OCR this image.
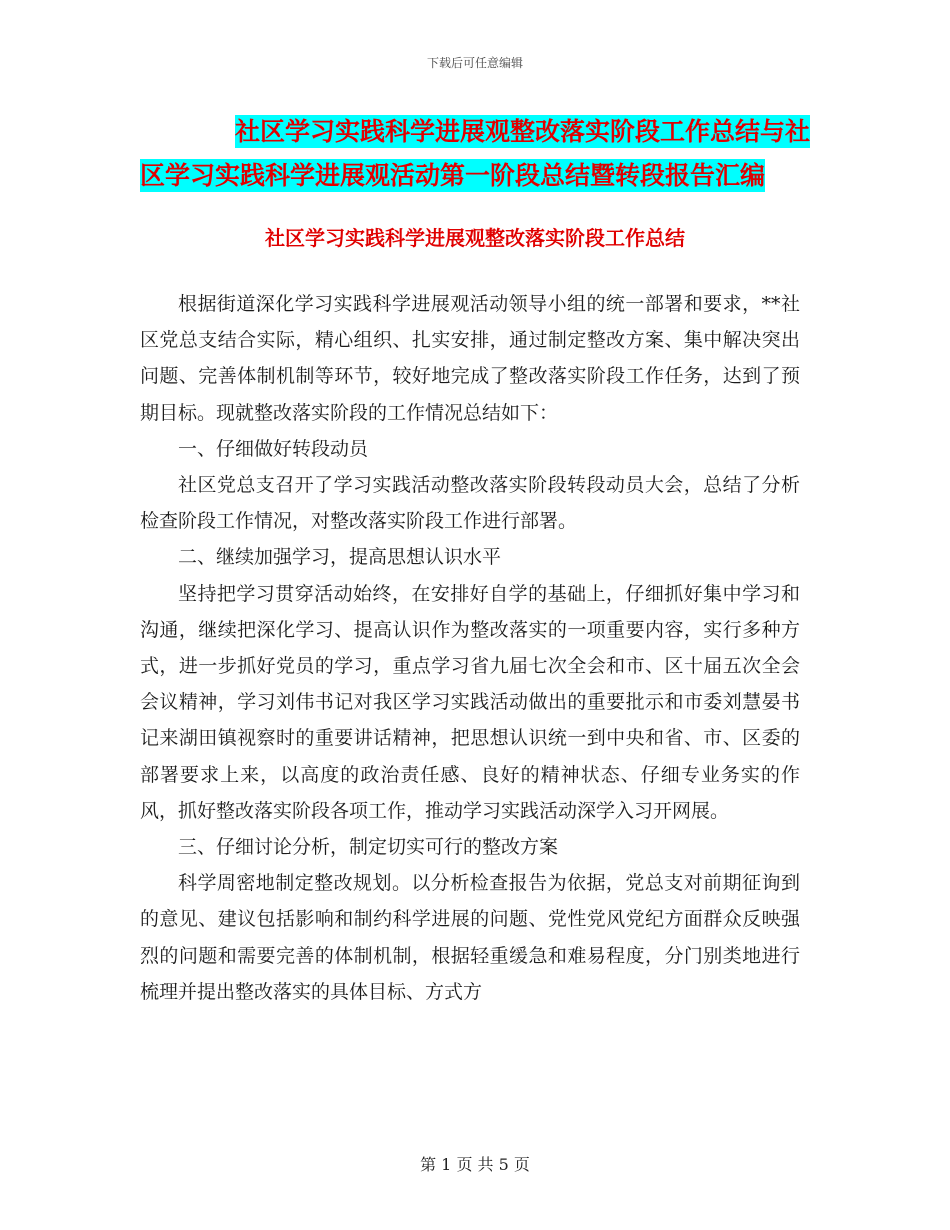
下载后可任意编辑
社区学习实践科学进展观整改落实阶段工作总结与社
区学习实践科学进展观活动第一阶段总结暨转段报告汇编
社区学习实践科学进展观整改落实阶段工作总结

根据街道深化学习实践科学进展观活动领导小组的统一部署和要求，**社区党总支结合实际，精心组织、扎实安排，通过制定整改方案、集中解决突出问题、完善体制机制等环节，较好地完成了整改落实阶段工作任务，达到了预期目标。现就整改落实阶段的工作情况总结如下：

一、仔细做好转段动员

社区党总支召开了学习实践活动整改落实阶段转段动员大会，总结了分析检查阶段工作情况，对整改落实阶段工作进行部署。

二、继续加强学习，提高思想认识水平

坚持把学习贯穿活动始终，在安排好自学的基础上，仔细抓好集中学习和沟通，继续把深化学习、提高认识作为整改落实的一项重要内容，实行多种方式，进一步抓好党员的学习，重点学习省九届七次全会和市、区十届五次全会会议精神，学习刘伟书记对我区学习实践活动做出的重要批示和市委刘慧晏书记来湖田镇视察时的重要讲话精神，把思想认识统一到中央和省、市、区委的部署要求上来，以高度的政治责任感、良好的精神状态、仔细专业务实的作风，抓好整改落实阶段各项工作，推动学习实践活动深学入习开网展。

三、仔细讨论分析，制定切实可行的整改方案

科学周密地制定整改规划。以分析检查报告为依据，党总支对前期征询到的意见、建议包括影响和制约科学进展的问题、党性党风党纪方面群众反映强烈的问题和需要完善的体制机制，根据轻重缓急和难易程度，分门别类地进行梳理并提出整改落实的具体目标、方式方

第 1 页 共 5 页
